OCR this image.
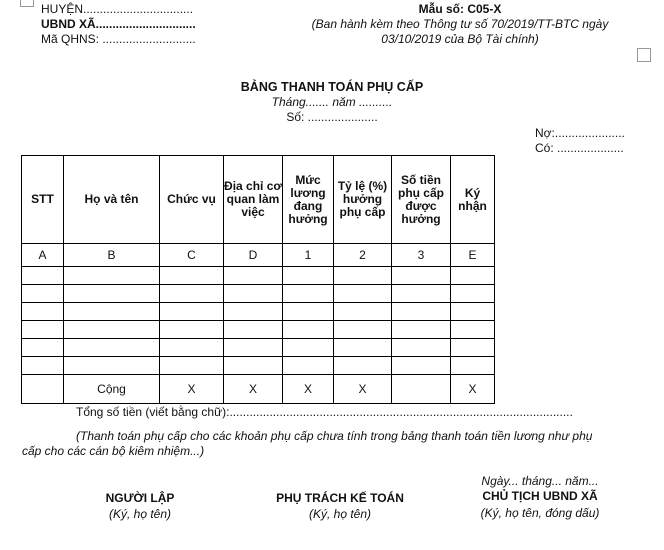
HUYỆN.................................
UBND XÃ..............................
Mã QHNS: ............................
Mẫu số: C05-X
(Ban hành kèm theo Thông tư số 70/2019/TT-BTC ngày
03/10/2019 của Bộ Tài chính)
BẢNG THANH TOÁN PHỤ CẤP
Tháng....... năm ..........
Số: .....................
Nợ:.....................
Có: ....................
STT	Họ và tên	Chức vụ	Địa chỉ cơ quan làm việc	Mức lương đang hưởng	Tỷ lệ (%) hưởng phụ cấp	Số tiền phụ cấp được hưởng	Ký nhận
A	B	C	D	1	2	3	E

	Cộng	X	X	X	X		X
Tổng số tiền (viết bằng chữ):.......................................................................................................
(Thanh toán phụ cấp cho các khoản phụ cấp chưa tính trong bảng thanh toán tiền lương như phụ
cấp cho các cán bộ kiêm nhiệm...)
Ngày... tháng... năm...
NGƯỜI LẬP
(Ký, họ tên)
PHỤ TRÁCH KẾ TOÁN
(Ký, họ tên)
CHỦ TỊCH UBND XÃ
(Ký, họ tên, đóng dấu)
